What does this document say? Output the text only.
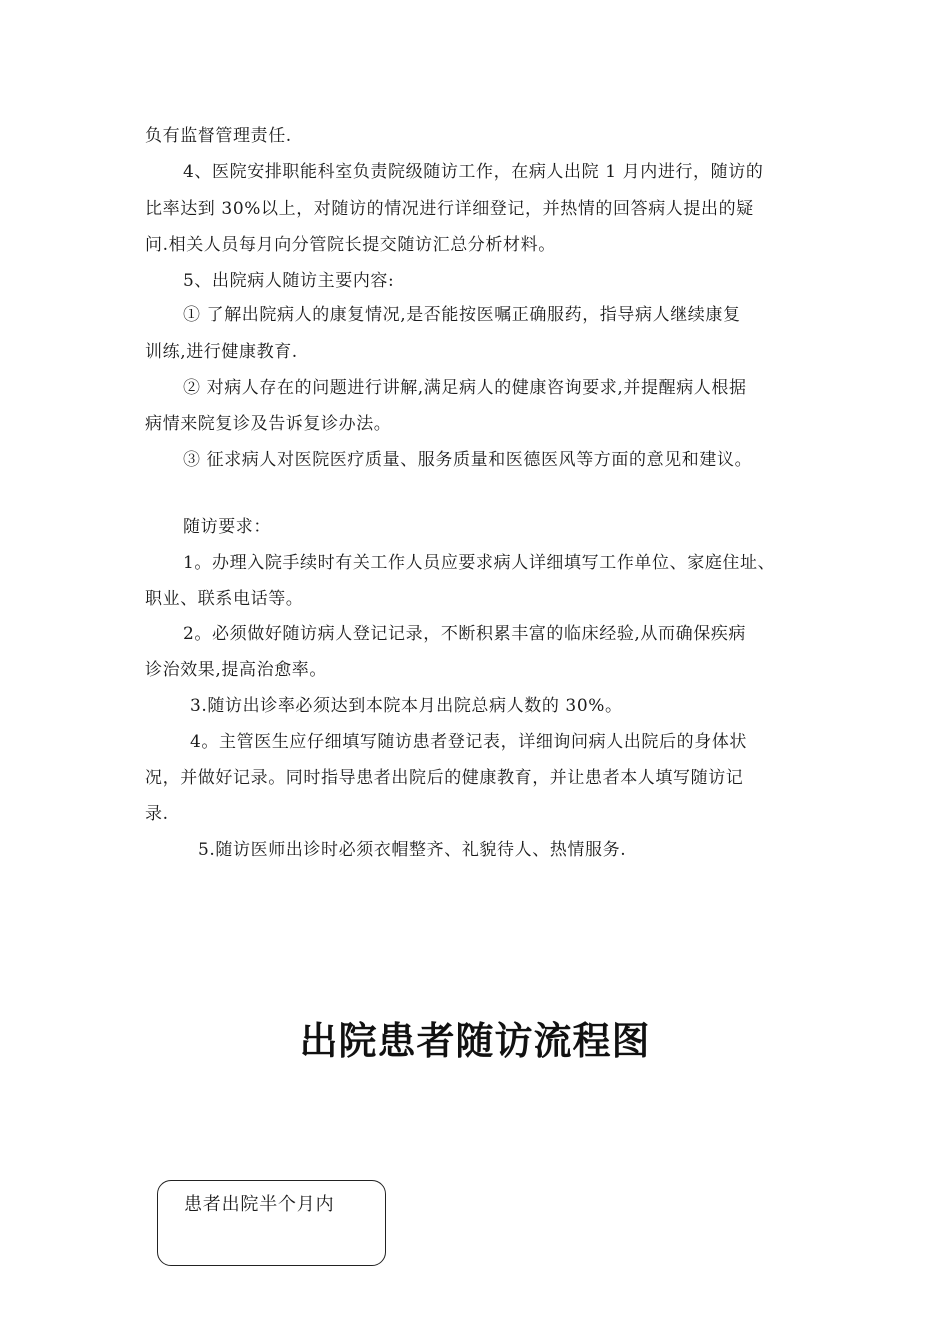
负有监督管理责任.
4、医院安排职能科室负责院级随访工作，在病人出院 1 月内进行，随访的
比率达到 30%以上，对随访的情况进行详细登记，并热情的回答病人提出的疑
问.相关人员每月向分管院长提交随访汇总分析材料。
5、出院病人随访主要内容:
① 了解出院病人的康复情况,是否能按医嘱正确服药，指导病人继续康复
训练,进行健康教育.
② 对病人存在的问题进行讲解,满足病人的健康咨询要求,并提醒病人根据
病情来院复诊及告诉复诊办法。
③ 征求病人对医院医疗质量、服务质量和医德医风等方面的意见和建议。
随访要求：
1。办理入院手续时有关工作人员应要求病人详细填写工作单位、家庭住址、
职业、联系电话等。
2。必须做好随访病人登记记录，不断积累丰富的临床经验,从而确保疾病
诊治效果,提高治愈率。
3.随访出诊率必须达到本院本月出院总病人数的 30%。
4。主管医生应仔细填写随访患者登记表，详细询问病人出院后的身体状
况，并做好记录。同时指导患者出院后的健康教育，并让患者本人填写随访记
录.
5.随访医师出诊时必须衣帽整齐、礼貌待人、热情服务.
出院患者随访流程图
患者出院半个月内
